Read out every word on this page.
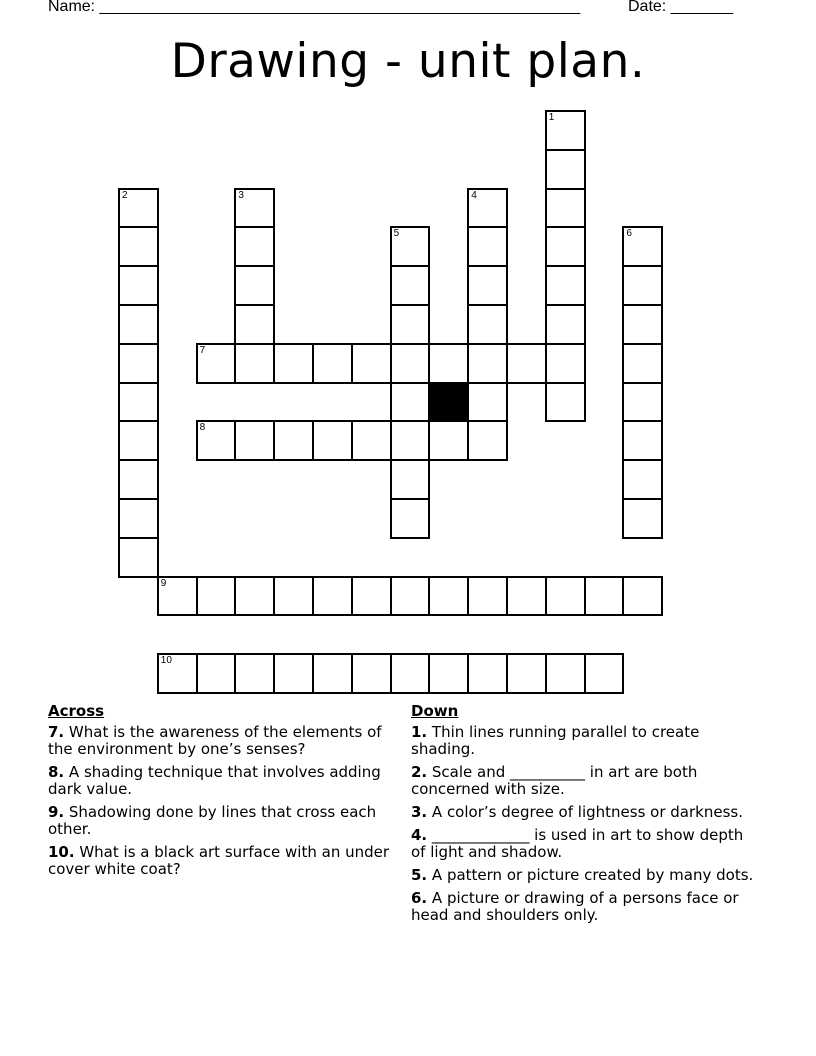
Name: ______________________________________________________	Date: _______
Drawing - unit plan.
1
2	3	4
5	6
7
8
9
10
Across
7. What is the awareness of the elements of the environment by one’s senses?
8. A shading technique that involves adding dark value.
9. Shadowing done by lines that cross each other.
10. What is a black art surface with an under cover white coat?
Down
1. Thin lines running parallel to create shading.
2. Scale and __________ in art are both concerned with size.
3. A color’s degree of lightness or darkness.
4. _____________ is used in art to show depth of light and shadow.
5. A pattern or picture created by many dots.
6. A picture or drawing of a persons face or head and shoulders only.
